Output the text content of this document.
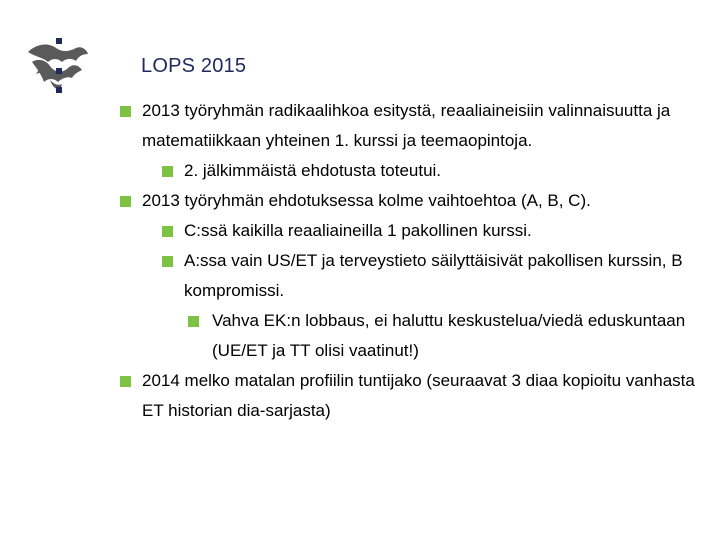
LOPS 2015
2013 työryhmän radikaalihkoa esitystä, reaaliaineisiin valinnaisuutta ja matematiikkaan yhteinen 1. kurssi ja teemaopintoja.
2. jälkimmäistä ehdotusta toteutui.
2013 työryhmän ehdotuksessa kolme vaihtoehtoa (A, B, C).
C:ssä kaikilla reaaliaineilla 1 pakollinen kurssi.
A:ssa vain US/ET ja terveystieto säilyttäisivät pakollisen kurssin, B kompromissi.
Vahva EK:n lobbaus, ei haluttu keskustelua/viedä eduskuntaan (UE/ET ja TT olisi vaatinut!)
2014 melko matalan profiilin tuntijako (seuraavat 3 diaa kopioitu vanhasta ET historian dia-sarjasta)
